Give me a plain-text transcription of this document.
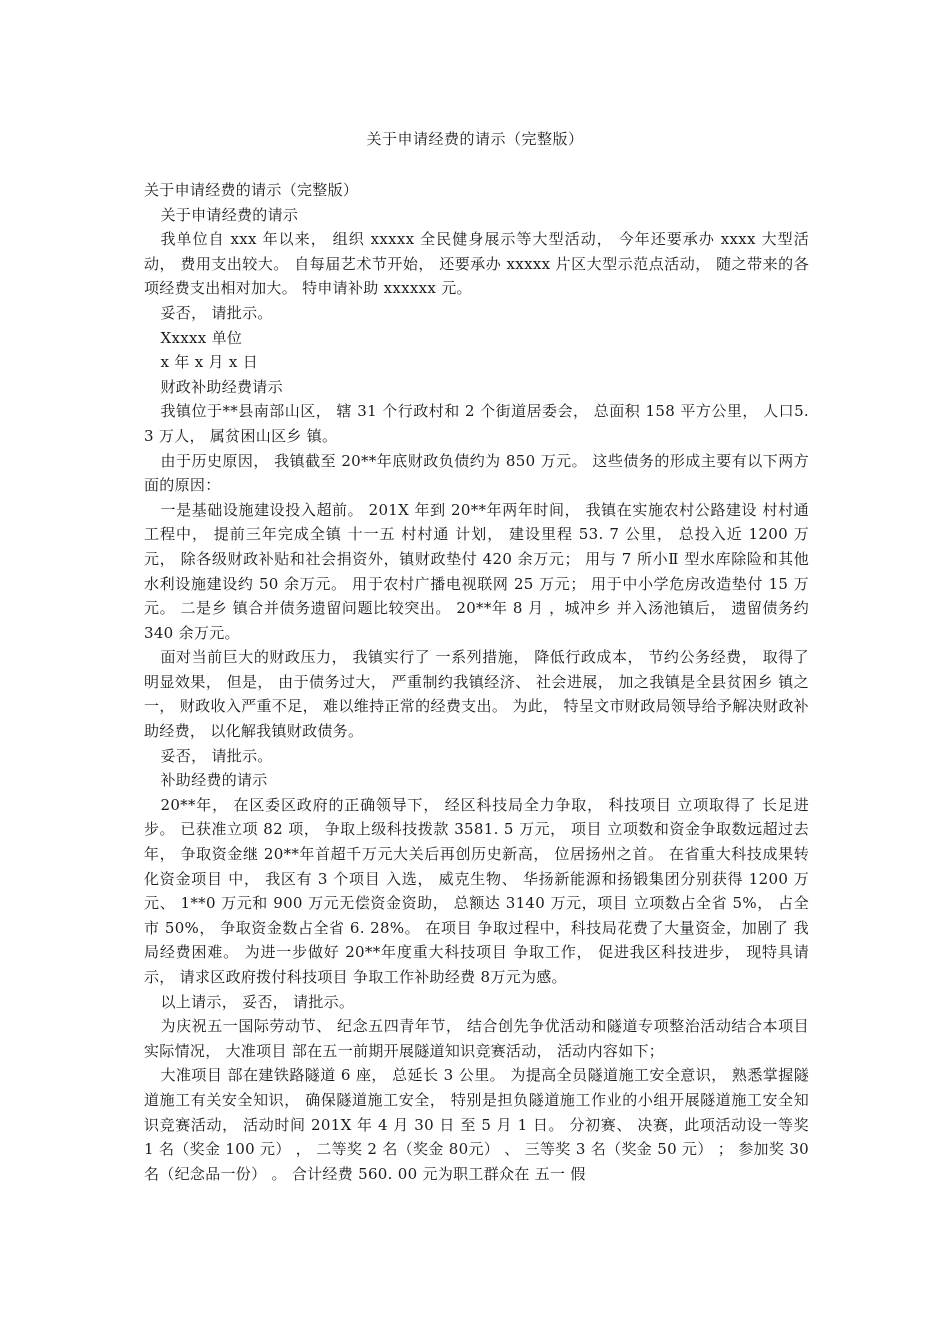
关于申请经费的请示（完整版）

关于申请经费的请示（完整版）

关于申请经费的请示

我单位自 xxx 年以来， 组织 xxxxx 全民健身展示等大型活动， 今年还要承办 xxxx 大型活动， 费用支出较大。 自每届艺术节开始， 还要承办 xxxxx 片区大型示范点活动， 随之带来的各项经费支出相对加大。 特申请补助 xxxxxx 元。

妥否， 请批示。

Xxxxx 单位

x 年 x 月 x 日

财政补助经费请示

我镇位于**县南部山区， 辖 31 个行政村和 2 个街道居委会， 总面积 158 平方公里， 人口5. 3 万人， 属贫困山区乡 镇。

由于历史原因， 我镇截至 20**年底财政负债约为 850 万元。 这些债务的形成主要有以下两方面的原因：

一是基础设施建设投入超前。 201X 年到 20**年两年时间， 我镇在实施农村公路建设 村村通 工程中， 提前三年完成全镇 十一五 村村通 计划， 建设里程 53. 7 公里， 总投入近 1200 万元， 除各级财政补贴和社会捐资外，镇财政垫付 420 余万元； 用与 7 所小Ⅱ 型水库除险和其他水利设施建设约 50 余万元。 用于农村广播电视联网 25 万元； 用于中小学危房改造垫付 15 万元。 二是乡 镇合并债务遗留问题比较突出。 20**年 8 月 ，城冲乡 并入汤池镇后， 遗留债务约 340 余万元。

面对当前巨大的财政压力， 我镇实行了 一系列措施， 降低行政成本， 节约公务经费， 取得了 明显效果， 但是， 由于债务过大， 严重制约我镇经济、 社会进展， 加之我镇是全县贫困乡 镇之一， 财政收入严重不足， 难以维持正常的经费支出。 为此， 特呈文市财政局领导给予解决财政补助经费， 以化解我镇财政债务。

妥否， 请批示。

补助经费的请示

20**年， 在区委区政府的正确领导下， 经区科技局全力争取， 科技项目 立项取得了 长足进步。 已获准立项 82 项， 争取上级科技拨款 3581. 5 万元， 项目 立项数和资金争取数远超过去年， 争取资金继 20**年首超千万元大关后再创历史新高， 位居扬州之首。 在省重大科技成果转化资金项目 中， 我区有 3 个项目 入选， 威克生物、 华扬新能源和扬锻集团分别获得 1200 万元、 1**0 万元和 900 万元无偿资金资助， 总额达 3140 万元，项目 立项数占全省 5%， 占全市 50%， 争取资金数占全省 6. 28%。 在项目 争取过程中，科技局花费了大量资金，加剧了 我局经费困难。 为进一步做好 20**年度重大科技项目 争取工作， 促进我区科技进步， 现特具请示， 请求区政府拨付科技项目 争取工作补助经费 8万元为感。

以上请示， 妥否， 请批示。

为庆祝五一国际劳动节、 纪念五四青年节， 结合创先争优活动和隧道专项整治活动结合本项目 实际情况， 大准项目 部在五一前期开展隧道知识竞赛活动， 活动内容如下；

大准项目 部在建铁路隧道 6 座， 总延长 3 公里。 为提高全员隧道施工安全意识， 熟悉掌握隧道施工有关安全知识， 确保隧道施工安全， 特别是担负隧道施工作业的小组开展隧道施工安全知识竞赛活动， 活动时间 201X 年 4 月 30 日 至 5 月 1 日。 分初赛、 决赛，此项活动设一等奖 1 名（奖金 100 元） ， 二等奖 2 名（奖金 80元） 、 三等奖 3 名（奖金 50 元） ； 参加奖 30 名（纪念品一份） 。 合计经费 560. 00 元为职工群众在 五一 假
